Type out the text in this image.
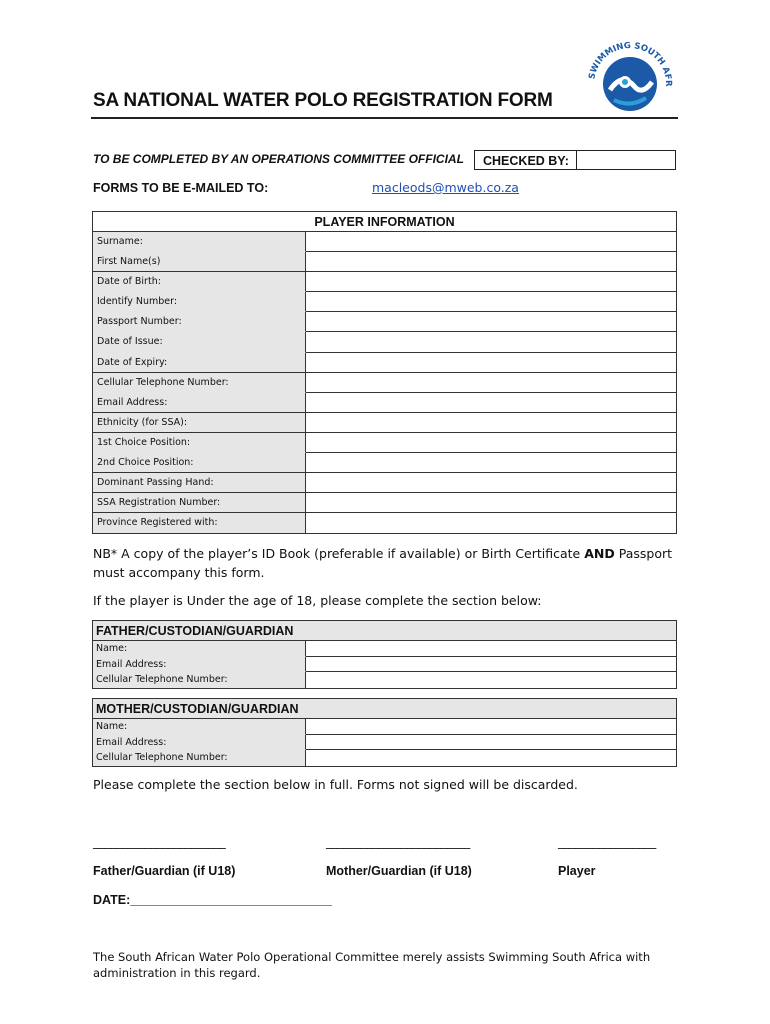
SWIMMING SOUTH AFR
SA NATIONAL WATER POLO REGISTRATION FORM
TO BE COMPLETED BY AN OPERATIONS COMMITTEE OFFICIAL	CHECKED BY:
FORMS TO BE E-MAILED TO:	macleods@mweb.co.za
PLAYER INFORMATION
Surname:
First Name(s)
Date of Birth:
Identify Number:
Passport Number:
Date of Issue:
Date of Expiry:
Cellular Telephone Number:
Email Address:
Ethnicity (for SSA):
1st Choice Position:
2nd Choice Position:
Dominant Passing Hand:
SSA Registration Number:
Province Registered with:
NB* A copy of the player’s ID Book (preferable if available) or Birth Certificate AND Passport must accompany this form.
If the player is Under the age of 18, please complete the section below:
FATHER/CUSTODIAN/GUARDIAN
Name:
Email Address:
Cellular Telephone Number:
MOTHER/CUSTODIAN/GUARDIAN
Name:
Email Address:
Cellular Telephone Number:
Please complete the section below in full. Forms not signed will be discarded.
_______________________	_________________________	_________________
Father/Guardian (if U18)	Mother/Guardian (if U18)	Player
DATE:_____________________________
The South African Water Polo Operational Committee merely assists Swimming South Africa with administration in this regard.
